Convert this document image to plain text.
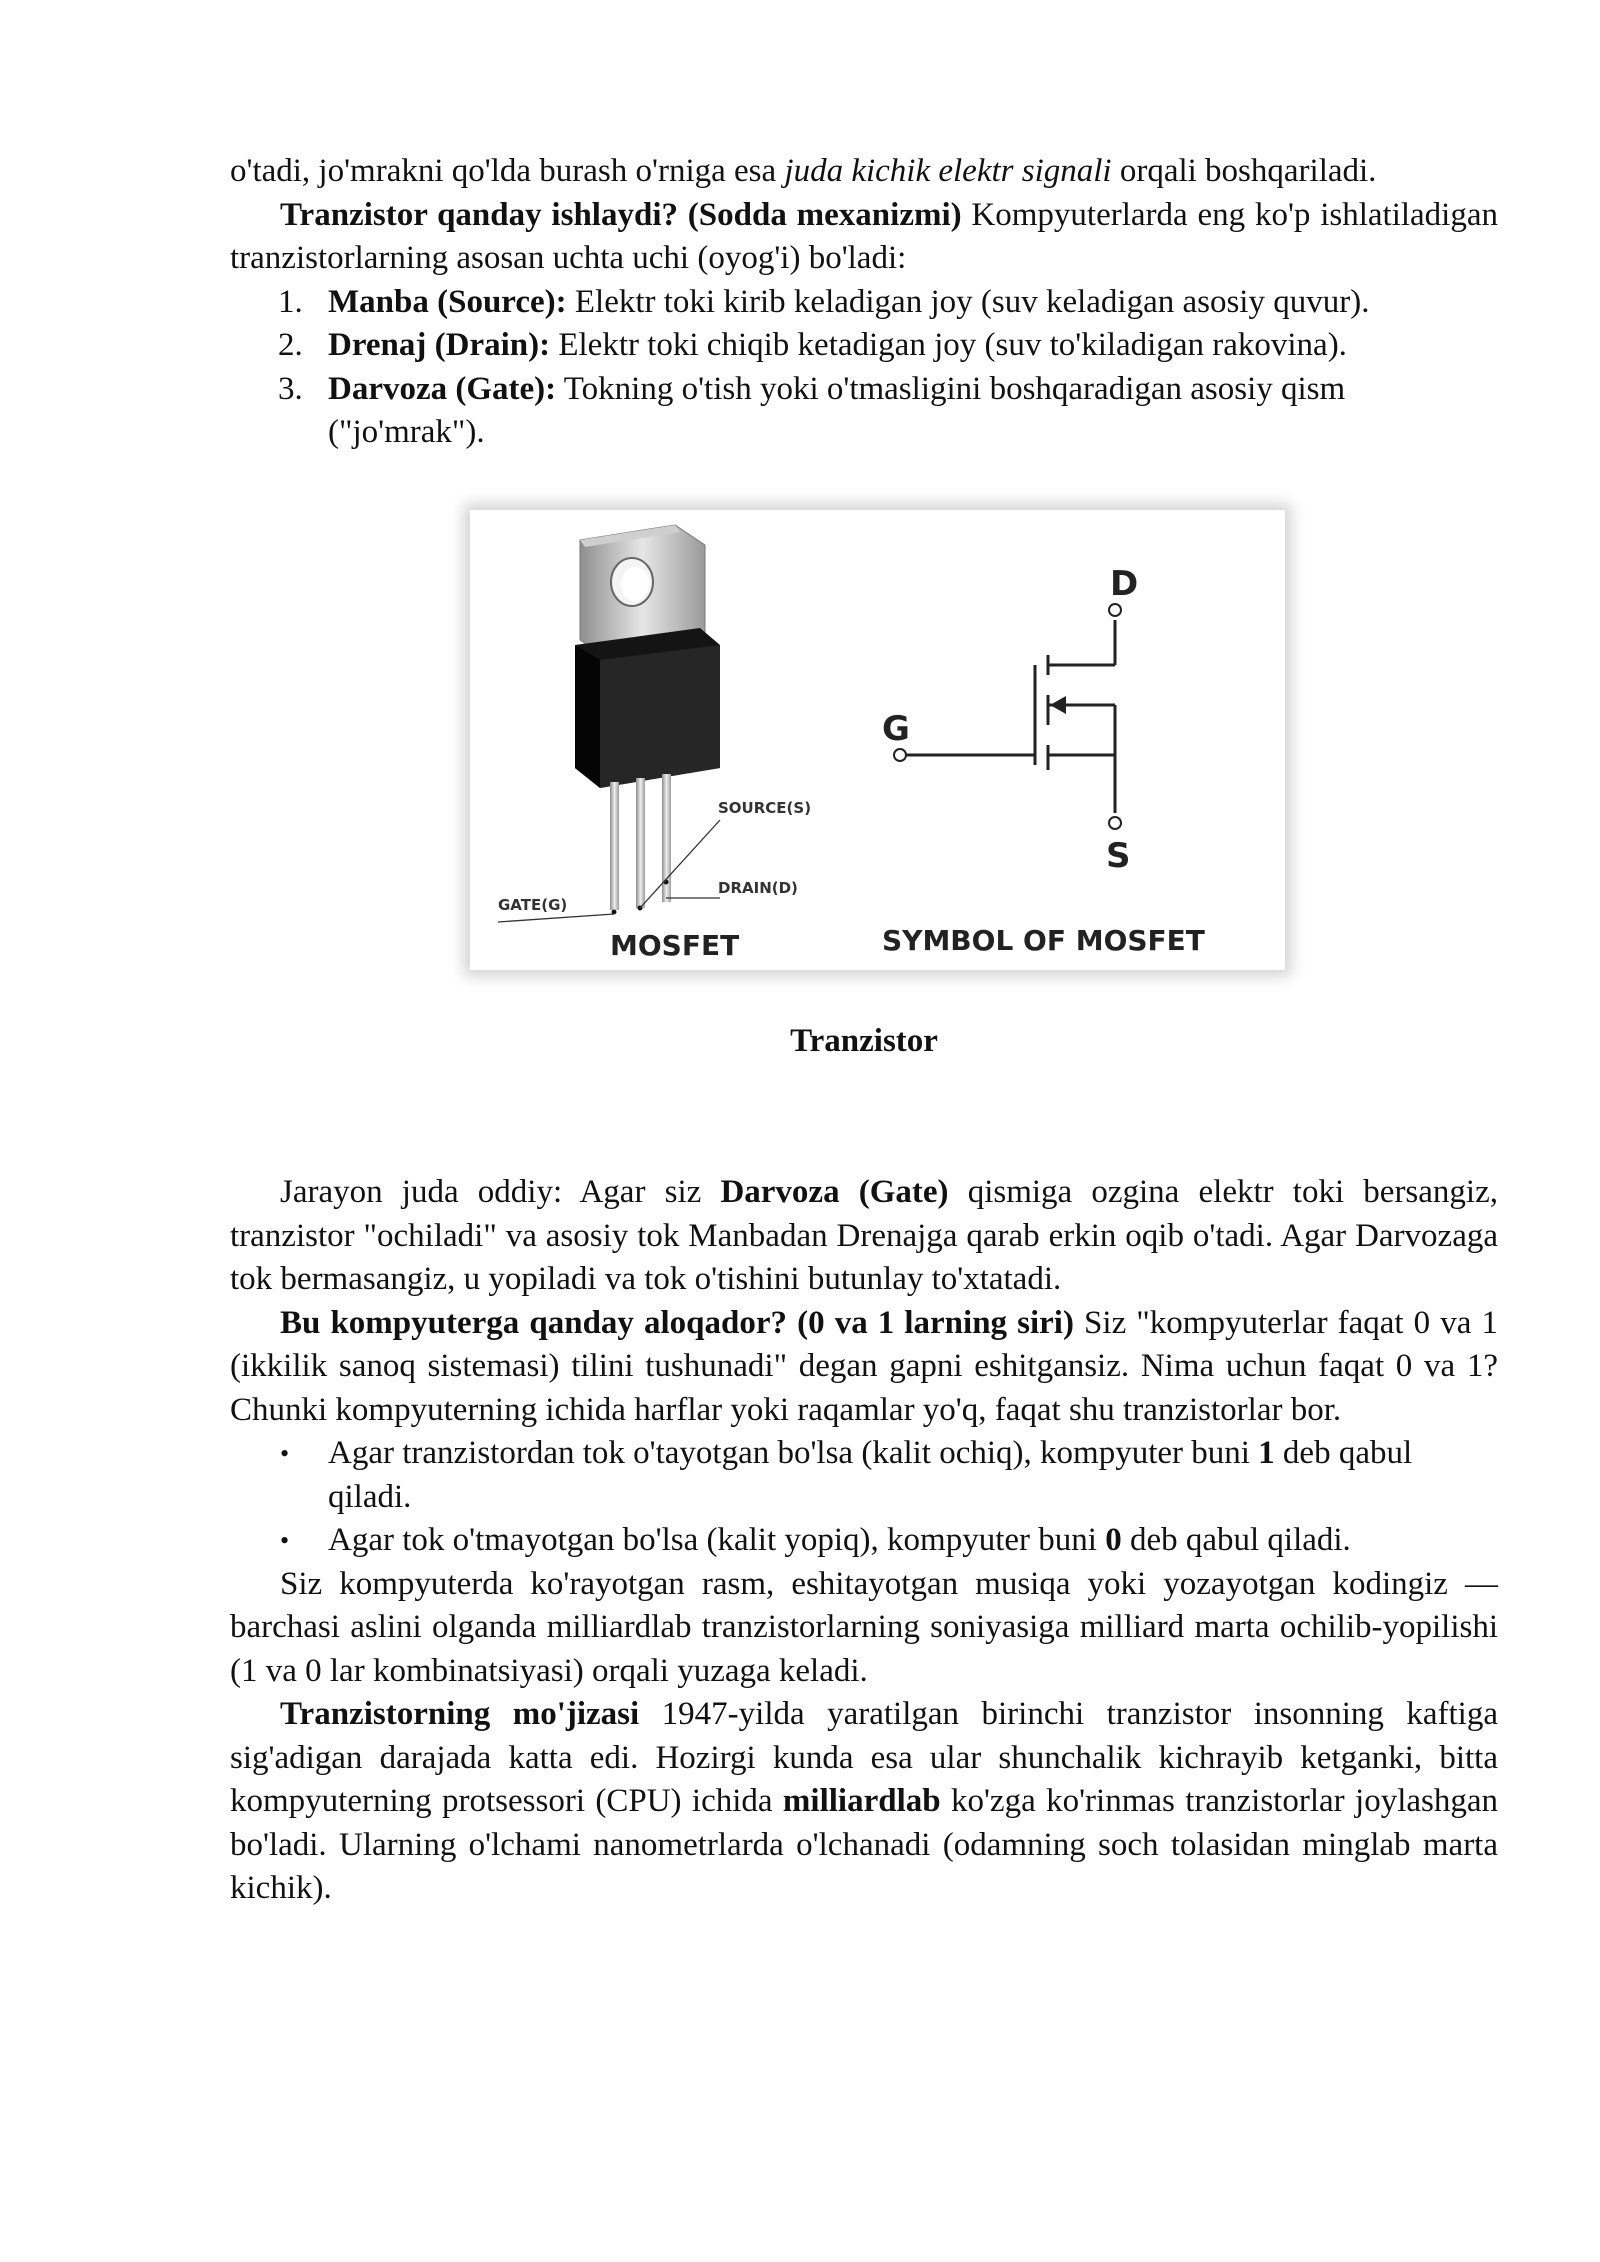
o'tadi, jo'mrakni qo'lda burash o'rniga esa juda kichik elektr signali orqali boshqariladi.

Tranzistor qanday ishlaydi? (Sodda mexanizmi) Kompyuterlarda eng ko'p ishlatiladigan tranzistorlarning asosan uchta uchi (oyog'i) bo'ladi:

1. Manba (Source): Elektr toki kirib keladigan joy (suv keladigan asosiy quvur).
2. Drenaj (Drain): Elektr toki chiqib ketadigan joy (suv to'kiladigan rakovina).
3. Darvoza (Gate): Tokning o'tish yoki o'tmasligini boshqaradigan asosiy qism ("jo'mrak").
SOURCE(S)
DRAIN(D)
GATE(G)
MOSFET
D
G
S
SYMBOL OF MOSFET
Tranzistor

Jarayon juda oddiy: Agar siz Darvoza (Gate) qismiga ozgina elektr toki bersangiz, tranzistor "ochiladi" va asosiy tok Manbadan Drenajga qarab erkin oqib o'tadi. Agar Darvozaga tok bermasangiz, u yopiladi va tok o'tishini butunlay to'xtatadi.

Bu kompyuterga qanday aloqador? (0 va 1 larning siri) Siz "kompyuterlar faqat 0 va 1 (ikkilik sanoq sistemasi) tilini tushunadi" degan gapni eshitgansiz. Nima uchun faqat 0 va 1? Chunki kompyuterning ichida harflar yoki raqamlar yo'q, faqat shu tranzistorlar bor.

• Agar tranzistordan tok o'tayotgan bo'lsa (kalit ochiq), kompyuter buni 1 deb qabul qiladi.
• Agar tok o'tmayotgan bo'lsa (kalit yopiq), kompyuter buni 0 deb qabul qiladi.

Siz kompyuterda ko'rayotgan rasm, eshitayotgan musiqa yoki yozayotgan kodingiz — barchasi aslini olganda milliardlab tranzistorlarning soniyasiga milliard marta ochilib-yopilishi (1 va 0 lar kombinatsiyasi) orqali yuzaga keladi.

Tranzistorning mo'jizasi 1947-yilda yaratilgan birinchi tranzistor insonning kaftiga sig'adigan darajada katta edi. Hozirgi kunda esa ular shunchalik kichrayib ketganki, bitta kompyuterning protsessori (CPU) ichida milliardlab ko'zga ko'rinmas tranzistorlar joylashgan bo'ladi. Ularning o'lchami nanometrlarda o'lchanadi (odamning soch tolasidan minglab marta kichik).
